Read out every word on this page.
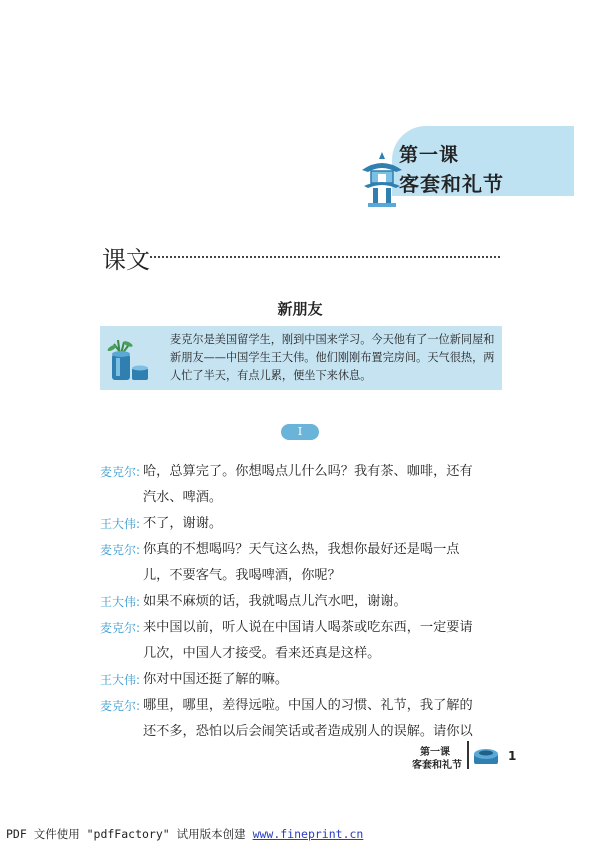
第一课
客套和礼节
课文
新朋友
麦克尔是美国留学生，刚到中国来学习。今天他有了一位新同屋和新朋友——中国学生王大伟。他们刚刚布置完房间。天气很热，两人忙了半天，有点儿累，便坐下来休息。
I
麦克尔: 哈，总算完了。你想喝点儿什么吗？我有茶、咖啡，还有
汽水、啤酒。
王大伟: 不了，谢谢。
麦克尔: 你真的不想喝吗？天气这么热，我想你最好还是喝一点
儿，不要客气。我喝啤酒，你呢？
王大伟: 如果不麻烦的话，我就喝点儿汽水吧，谢谢。
麦克尔: 来中国以前，听人说在中国请人喝茶或吃东西，一定要请
几次，中国人才接受。看来还真是这样。
王大伟: 你对中国还挺了解的嘛。
麦克尔: 哪里，哪里，差得远啦。中国人的习惯、礼节，我了解的
还不多，恐怕以后会闹笑话或者造成别人的误解。请你以
第一课
客套和礼节
1
PDF 文件使用 "pdfFactory" 试用版本创建 www.fineprint.cn
